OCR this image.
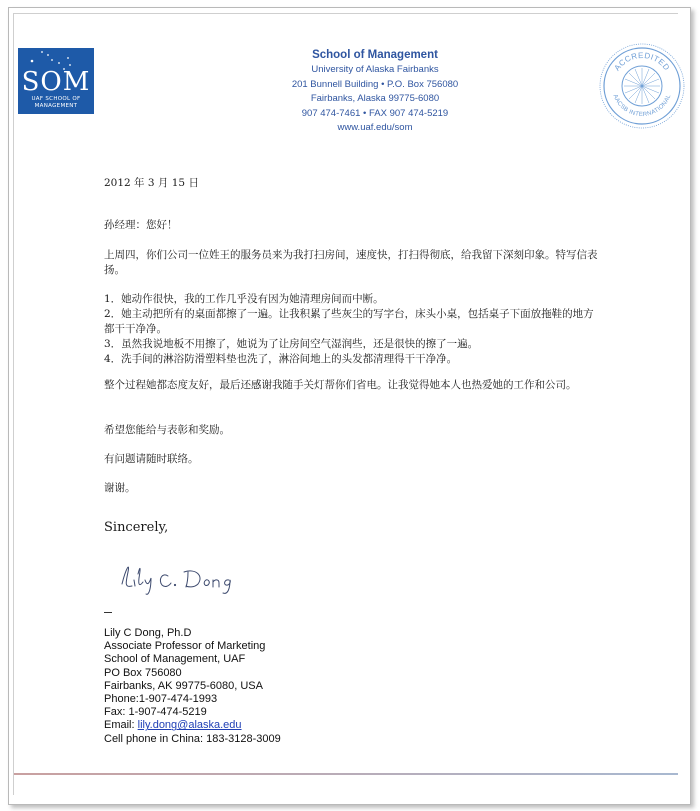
SOM
UAF SCHOOL OF
MANAGEMENT
School of Management
University of Alaska Fairbanks
201 Bunnell Building • P.O. Box 756080
Fairbanks, Alaska 99775-6080
907 474-7461 • FAX 907 474-5219
www.uaf.edu/som
ACCREDITED
AACSB INTERNATIONAL
2012 年 3 月 15 日
孙经理：您好！
上周四，你们公司一位姓王的服务员来为我打扫房间，速度快，打扫得彻底，给我留下深刻印象。特写信表扬。
1．她动作很快，我的工作几乎没有因为她清理房间而中断。
2．她主动把所有的桌面都擦了一遍。让我积累了些灰尘的写字台，床头小桌，包括桌子下面放拖鞋的地方都干干净净。
3．虽然我说地板不用擦了，她说为了让房间空气湿润些，还是很快的擦了一遍。
4．洗手间的淋浴防滑塑料垫也洗了，淋浴间地上的头发都清理得干干净净。
整个过程她都态度友好，最后还感谢我随手关灯帮你们省电。让我觉得她本人也热爱她的工作和公司。
希望您能给与表彰和奖励。
有问题请随时联络。
谢谢。
Sincerely,
Lily C Dong, Ph.D
Associate Professor of Marketing
School of Management, UAF
PO Box 756080
Fairbanks, AK 99775-6080, USA
Phone:1-907-474-1993
Fax: 1-907-474-5219
Email: lily.dong@alaska.edu
Cell phone in China: 183-3128-3009
